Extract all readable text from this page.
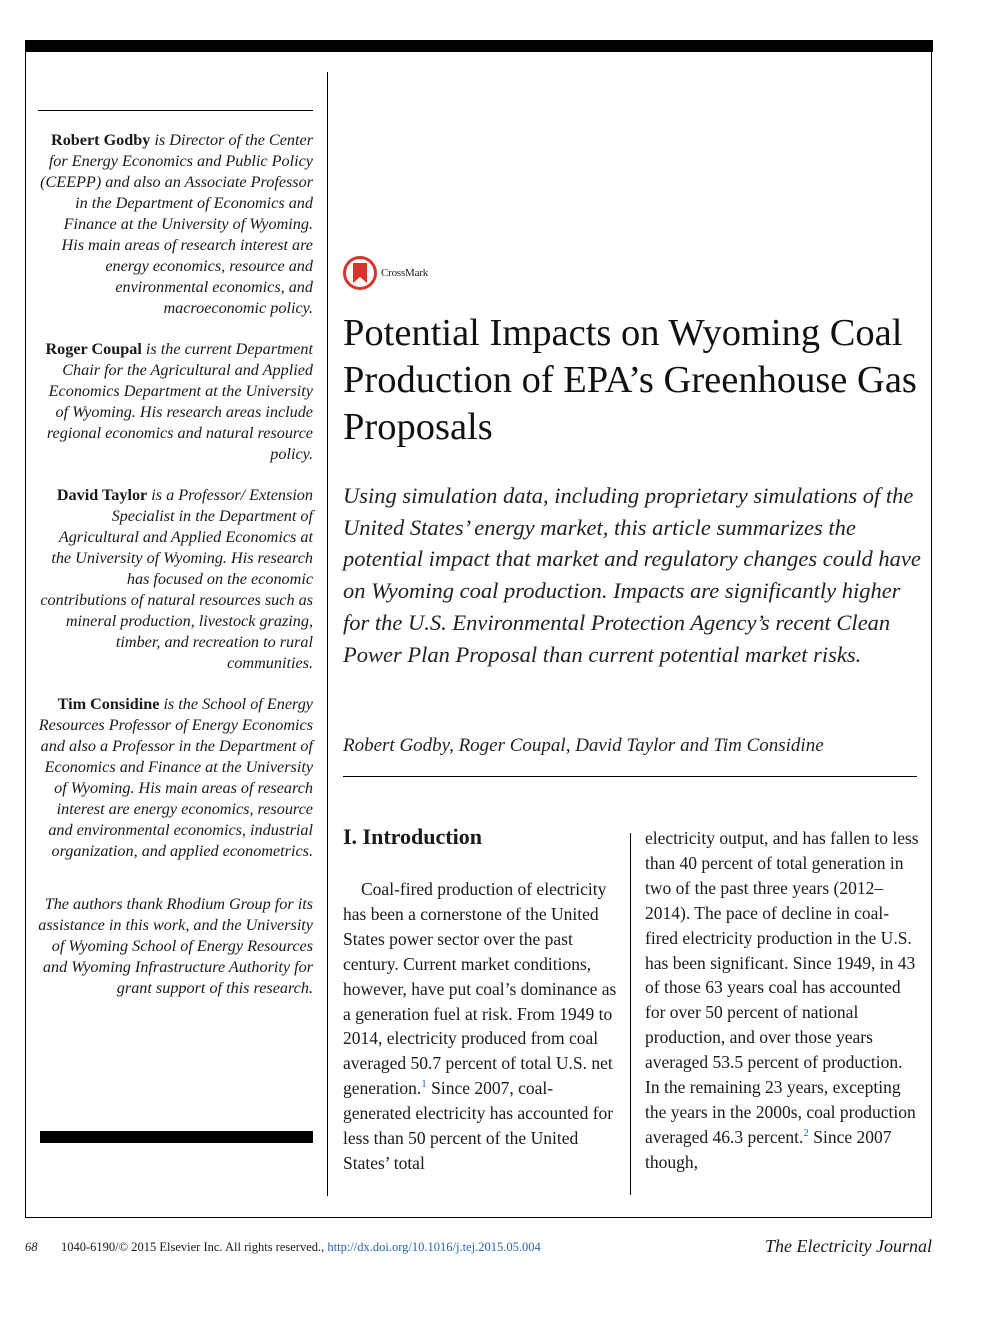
Robert Godby is Director of the Center for Energy Economics and Public Policy (CEEPP) and also an Associate Professor in the Department of Economics and Finance at the University of Wyoming. His main areas of research interest are energy economics, resource and environmental economics, and macroeconomic policy.
Roger Coupal is the current Department Chair for the Agricultural and Applied Economics Department at the University of Wyoming. His research areas include regional economics and natural resource policy.
David Taylor is a Professor/ Extension Specialist in the Department of Agricultural and Applied Economics at the University of Wyoming. His research has focused on the economic contributions of natural resources such as mineral production, livestock grazing, timber, and recreation to rural communities.
Tim Considine is the School of Energy Resources Professor of Energy Economics and also a Professor in the Department of Economics and Finance at the University of Wyoming. His main areas of research interest are energy economics, resource and environmental economics, industrial organization, and applied econometrics.
The authors thank Rhodium Group for its assistance in this work, and the University of Wyoming School of Energy Resources and Wyoming Infrastructure Authority for grant support of this research.
CrossMark
Potential Impacts on Wyoming Coal Production of EPA’s Greenhouse Gas Proposals

Using simulation data, including proprietary simulations of the United States’ energy market, this article summarizes the potential impact that market and regulatory changes could have on Wyoming coal production. Impacts are significantly higher for the U.S. Environmental Protection Agency’s recent Clean Power Plan Proposal than current potential market risks.

Robert Godby, Roger Coupal, David Taylor and Tim Considine
I. Introduction

Coal-fired production of electricity has been a cornerstone of the United States power sector over the past century. Current market conditions, however, have put coal’s dominance as a generation fuel at risk. From 1949 to 2014, electricity produced from coal averaged 50.7 percent of total U.S. net generation.$^1$ Since 2007, coal-generated electricity has accounted for less than 50 percent of the United States’ total

electricity output, and has fallen to less than 40 percent of total generation in two of the past three years (2012–2014). The pace of decline in coal-fired electricity production in the U.S. has been significant. Since 1949, in 43 of those 63 years coal has accounted for over 50 percent of national production, and over those years averaged 53.5 percent of production. In the remaining 23 years, excepting the years in the 2000s, coal production averaged 46.3 percent.$^2$ Since 2007 though,

68 1040-6190/© 2015 Elsevier Inc. All rights reserved., http://dx.doi.org/10.1016/j.tej.2015.05.004	The Electricity Journal
